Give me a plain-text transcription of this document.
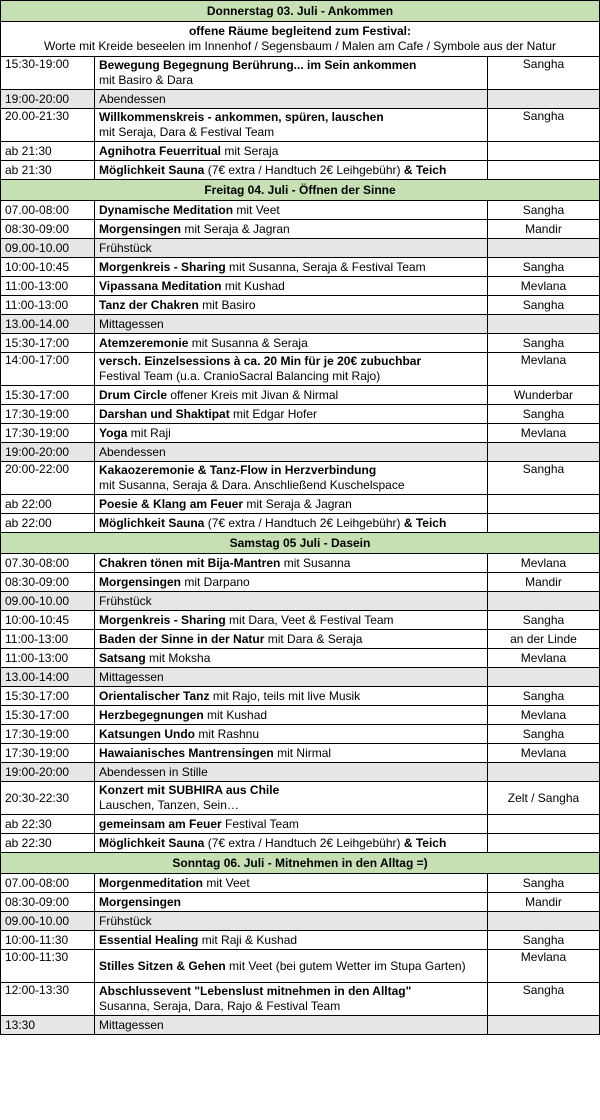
Donnerstag 03. Juli - Ankommen		

offene Räume begleitend zum Festival:
Worte mit Kreide beseelen im Innenhof / Segensbaum / Malen am Cafe / Symbole aus der Natur		
15:30-19:00	Bewegung Begegnung Berührung... im Sein ankommen
mit Basiro & Dara	Sangha
19:00-20:00	Abendessen	
20.00-21:30	Willkommenskreis - ankommen, spüren, lauschen
mit Seraja, Dara & Festival Team	Sangha
ab 21:30	Agnihotra Feuerritual mit Seraja	
ab 21:30	Möglichkeit Sauna (7€ extra / Handtuch 2€ Leihgebühr) & Teich	
Freitag 04. Juli - Öffnen der Sinne		
07.00-08:00	Dynamische Meditation mit Veet	Sangha
08:30-09:00	Morgensingen mit Seraja & Jagran	Mandir
09.00-10.00	Frühstück	
10:00-10:45	Morgenkreis - Sharing mit Susanna, Seraja & Festival Team	Sangha
11:00-13:00	Vipassana Meditation mit Kushad	Mevlana
11:00-13:00	Tanz der Chakren mit Basiro	Sangha
13.00-14.00	Mittagessen	
15:30-17:00	Atemzeremonie mit Susanna & Seraja	Sangha
14:00-17:00	versch. Einzelsessions à ca. 20 Min für je 20€ zubuchbar
Festival Team (u.a. CranioSacral Balancing mit Rajo)	Mevlana
15:30-17:00	Drum Circle offener Kreis mit Jivan & Nirmal	Wunderbar
17:30-19:00	Darshan und Shaktipat mit Edgar Hofer	Sangha
17:30-19:00	Yoga mit Raji	Mevlana
19:00-20:00	Abendessen	
20:00-22:00	Kakaozeremonie & Tanz-Flow in Herzverbindung
mit Susanna, Seraja & Dara. Anschließend Kuschelspace	Sangha
ab 22:00	Poesie & Klang am Feuer mit Seraja & Jagran	
ab 22:00	Möglichkeit Sauna (7€ extra / Handtuch 2€ Leihgebühr) & Teich	
Samstag 05 Juli - Dasein		
07.30-08:00	Chakren tönen mit Bija-Mantren mit Susanna	Mevlana
08:30-09:00	Morgensingen mit Darpano	Mandir
09.00-10.00	Frühstück	
10:00-10:45	Morgenkreis - Sharing mit Dara, Veet & Festival Team	Sangha
11:00-13:00	Baden der Sinne in der Natur mit Dara & Seraja	an der Linde
11:00-13:00	Satsang mit Moksha	Mevlana
13.00-14:00	Mittagessen	
15:30-17:00	Orientalischer Tanz mit Rajo, teils mit live Musik	Sangha
15:30-17:00	Herzbegegnungen mit Kushad	Mevlana
17:30-19:00	Katsungen Undo mit Rashnu	Sangha
17:30-19:00	Hawaianisches Mantrensingen mit Nirmal	Mevlana
19:00-20:00	Abendessen in Stille	
20:30-22:30	Konzert mit SUBHIRA aus Chile
Lauschen, Tanzen, Sein…	Zelt / Sangha
ab 22:30	gemeinsam am Feuer Festival Team	
ab 22:30	Möglichkeit Sauna (7€ extra / Handtuch 2€ Leihgebühr) & Teich	
Sonntag 06. Juli - Mitnehmen in den Alltag =)		
07.00-08:00	Morgenmeditation mit Veet	Sangha
08:30-09:00	Morgensingen	Mandir
09.00-10.00	Frühstück	
10:00-11:30	Essential Healing mit Raji & Kushad	Sangha
10:00-11:30	Stilles Sitzen & Gehen mit Veet (bei gutem Wetter im Stupa Garten)	Mevlana
12:00-13:30	Abschlussevent "Lebenslust mitnehmen in den Alltag"
Susanna, Seraja, Dara, Rajo & Festival Team	Sangha
13:30	Mittagessen	
